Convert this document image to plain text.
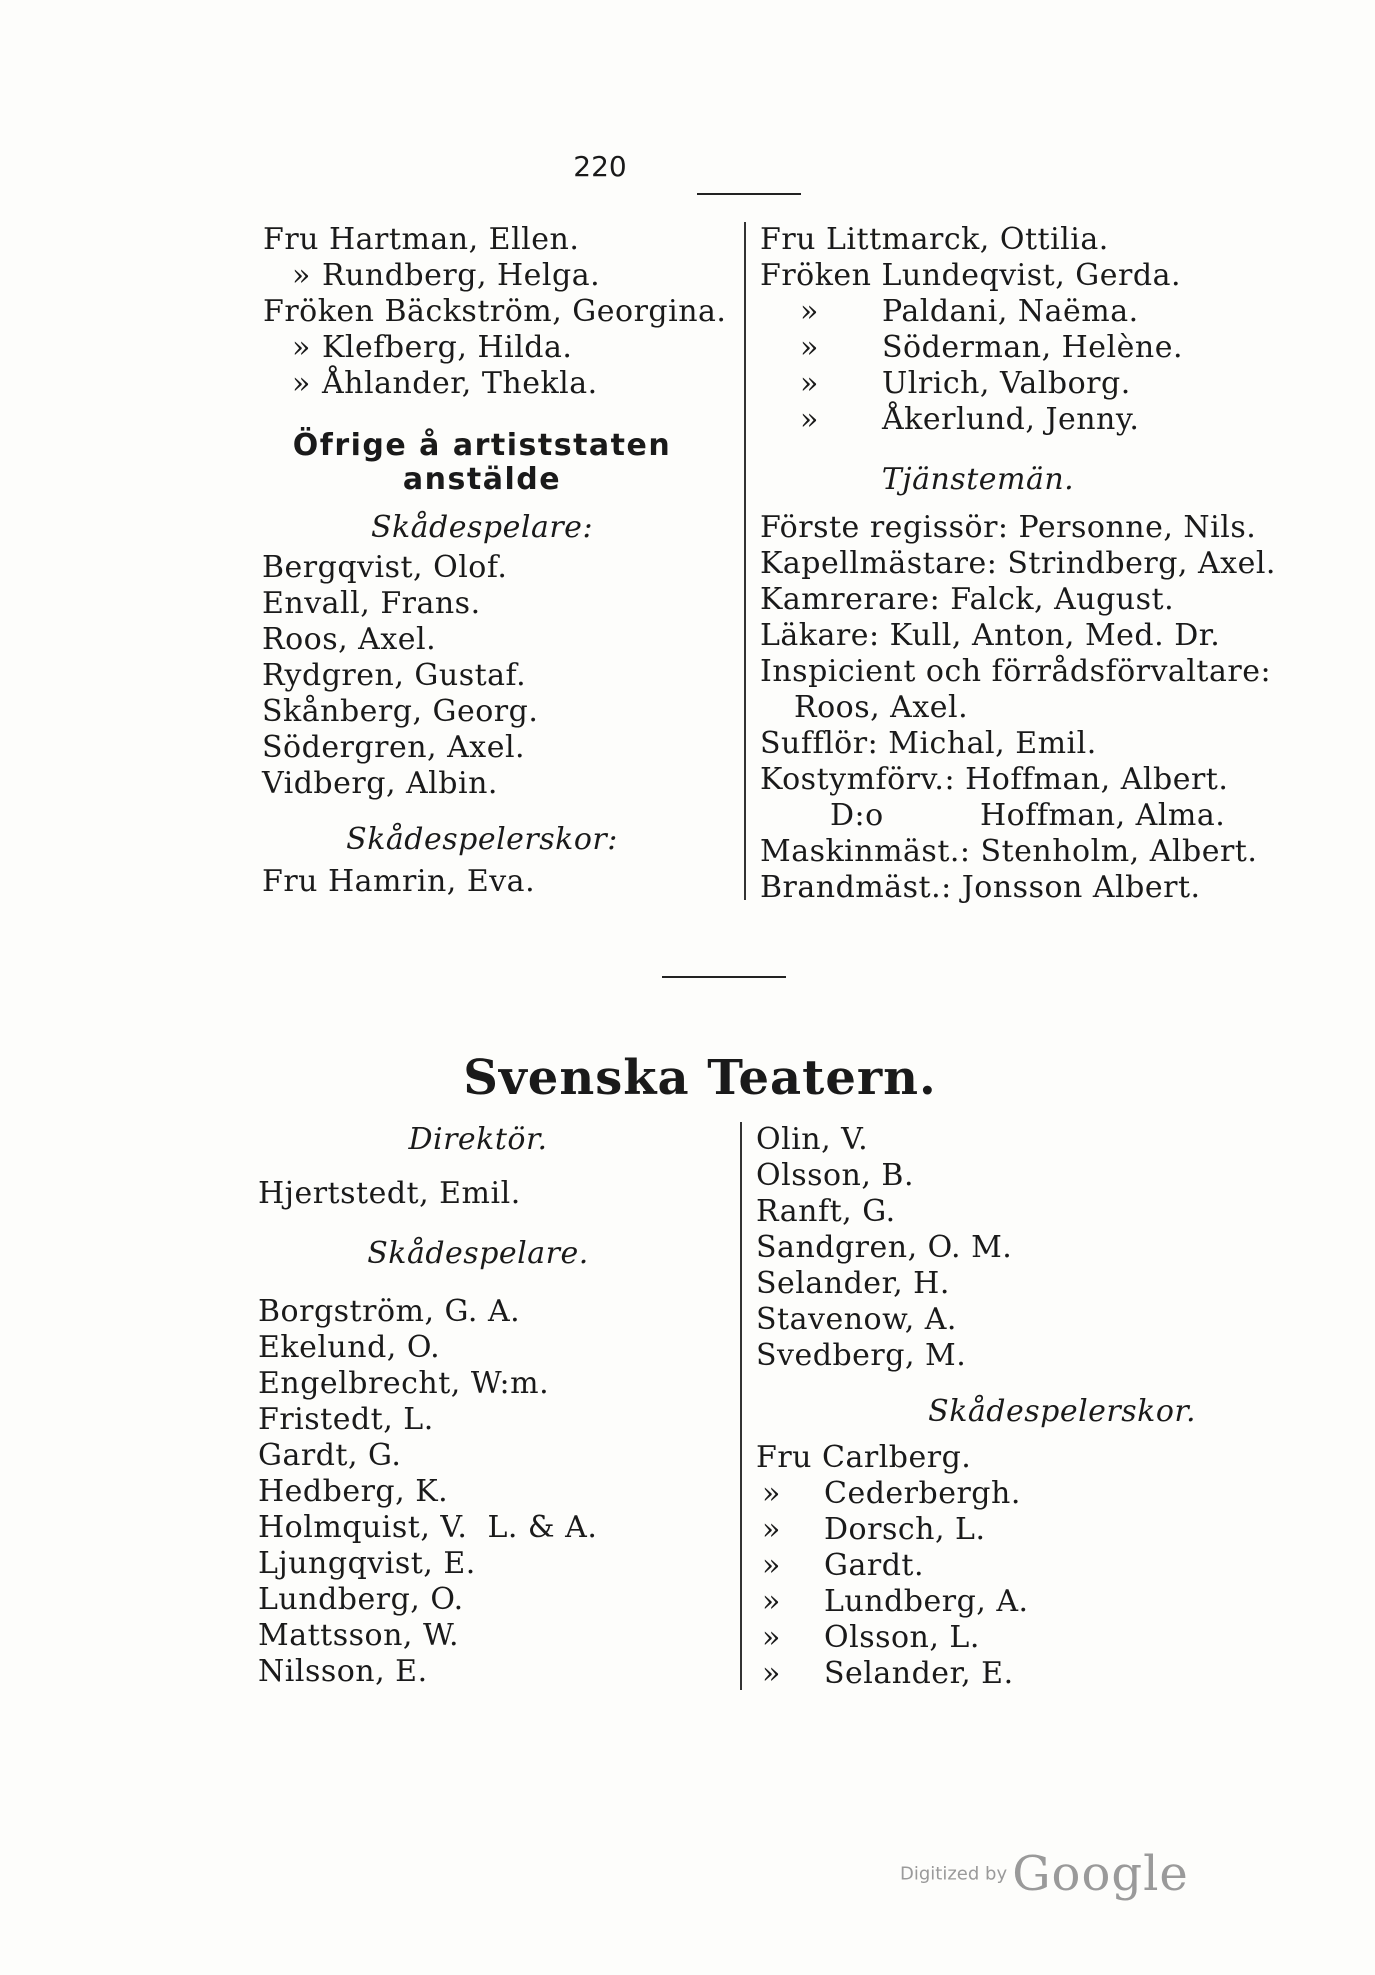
220
Fru Hartman, Ellen.
» Rundberg, Helga.
Fröken Bäckström, Georgina.
» Klefberg, Hilda.
» Åhlander, Thekla.
Öfrige å artiststaten
anstälde
Skådespelare:
Bergqvist, Olof.
Envall, Frans.
Roos, Axel.
Rydgren, Gustaf.
Skånberg, Georg.
Södergren, Axel.
Vidberg, Albin.
Skådespelerskor:
Fru Hamrin, Eva.
Fru Littmarck, Ottilia.
Fröken Lundeqvist, Gerda.
» Paldani, Naëma.
» Söderman, Helène.
» Ulrich, Valborg.
» Åkerlund, Jenny.
Tjänstemän.
Förste regissör: Personne, Nils.
Kapellmästare: Strindberg, Axel.
Kamrerare: Falck, August.
Läkare: Kull, Anton, Med. Dr.
Inspicient och förrådsförvaltare:
Roos, Axel.
Sufflör: Michal, Emil.
Kostymförv.: Hoffman, Albert.
D:o	Hoffman, Alma.
Maskinmäst.: Stenholm, Albert.
Brandmäst.: Jonsson Albert.
Svenska Teatern.
Direktör.
Hjertstedt, Emil.
Skådespelare.
Borgström, G. A.
Ekelund, O.
Engelbrecht, W:m.
Fristedt, L.
Gardt, G.
Hedberg, K.
Holmquist, V.  L. & A.
Ljungqvist, E.
Lundberg, O.
Mattsson, W.
Nilsson, E.
Olin, V.
Olsson, B.
Ranft, G.
Sandgren, O. M.
Selander, H.
Stavenow, A.
Svedberg, M.
Skådespelerskor.
Fru Carlberg.
» Cederbergh.
» Dorsch, L.
» Gardt.
» Lundberg, A.
» Olsson, L.
» Selander, E.
Digitized by Google
